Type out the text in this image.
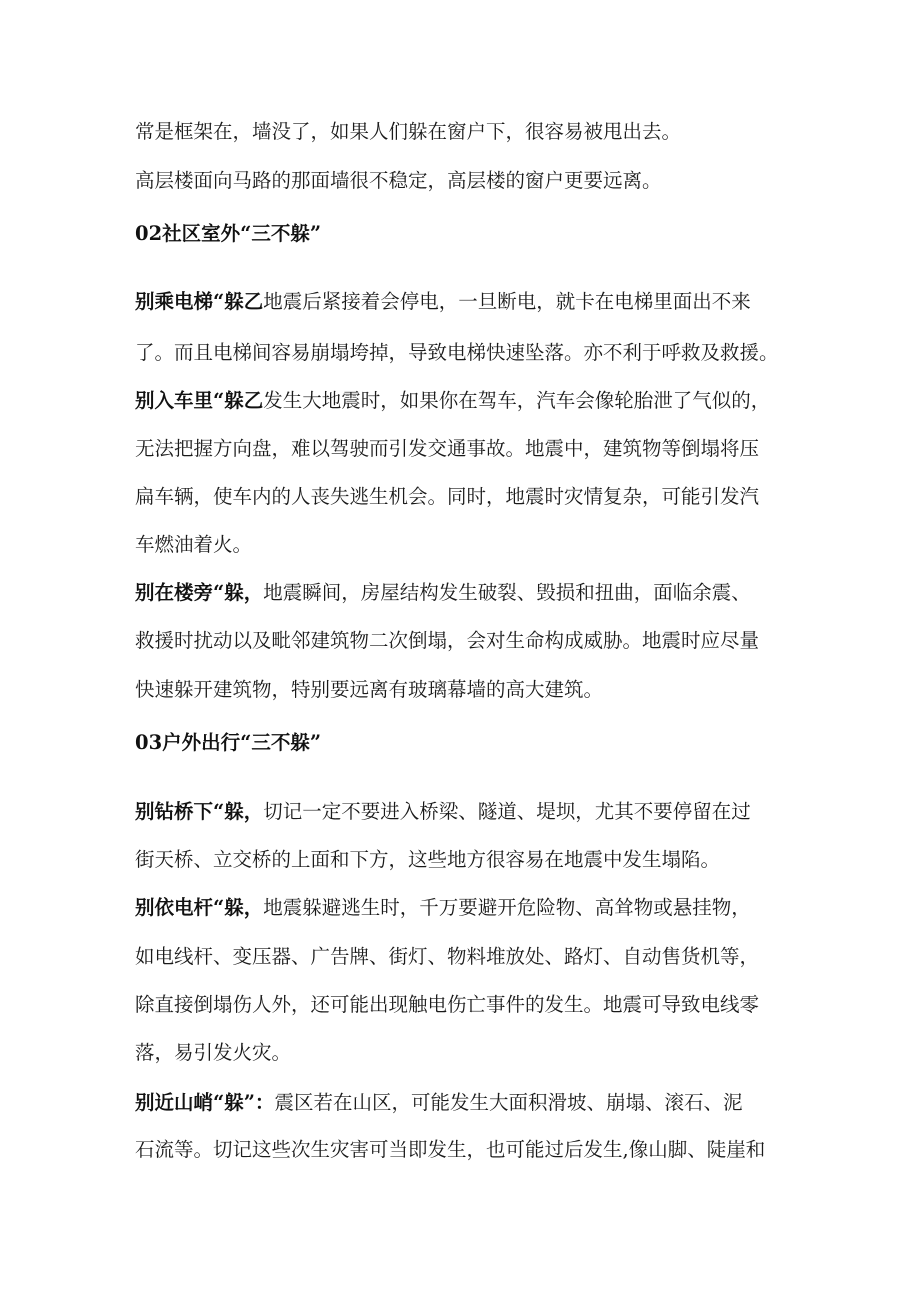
常是框架在，墙没了，如果人们躲在窗户下，很容易被甩出去。
高层楼面向马路的那面墙很不稳定，高层楼的窗户更要远离。
02社区室外“三不躲”
别乘电梯“躲乙地震后紧接着会停电，一旦断电，就卡在电梯里面出不来
了。而且电梯间容易崩塌垮掉，导致电梯快速坠落。亦不利于呼救及救援。
别入车里“躲乙发生大地震时，如果你在驾车，汽车会像轮胎泄了气似的，
无法把握方向盘，难以驾驶而引发交通事故。地震中，建筑物等倒塌将压
扁车辆，使车内的人丧失逃生机会。同时，地震时灾情复杂，可能引发汽
车燃油着火。
别在楼旁“躲，地震瞬间，房屋结构发生破裂、毁损和扭曲，面临余震、
救援时扰动以及毗邻建筑物二次倒塌，会对生命构成威胁。地震时应尽量
快速躲开建筑物，特别要远离有玻璃幕墙的高大建筑。
03户外出行“三不躲”
别钻桥下“躲，切记一定不要进入桥梁、隧道、堤坝，尤其不要停留在过
街天桥、立交桥的上面和下方，这些地方很容易在地震中发生塌陷。
别依电杆“躲，地震躲避逃生时，千万要避开危险物、高耸物或悬挂物，
如电线杆、变压器、广告牌、街灯、物料堆放处、路灯、自动售货机等，
除直接倒塌伤人外，还可能出现触电伤亡事件的发生。地震可导致电线零
落，易引发火灾。
别近山峭“躲”：震区若在山区，可能发生大面积滑坡、崩塌、滚石、泥
石流等。切记这些次生灾害可当即发生，也可能过后发生,像山脚、陡崖和
